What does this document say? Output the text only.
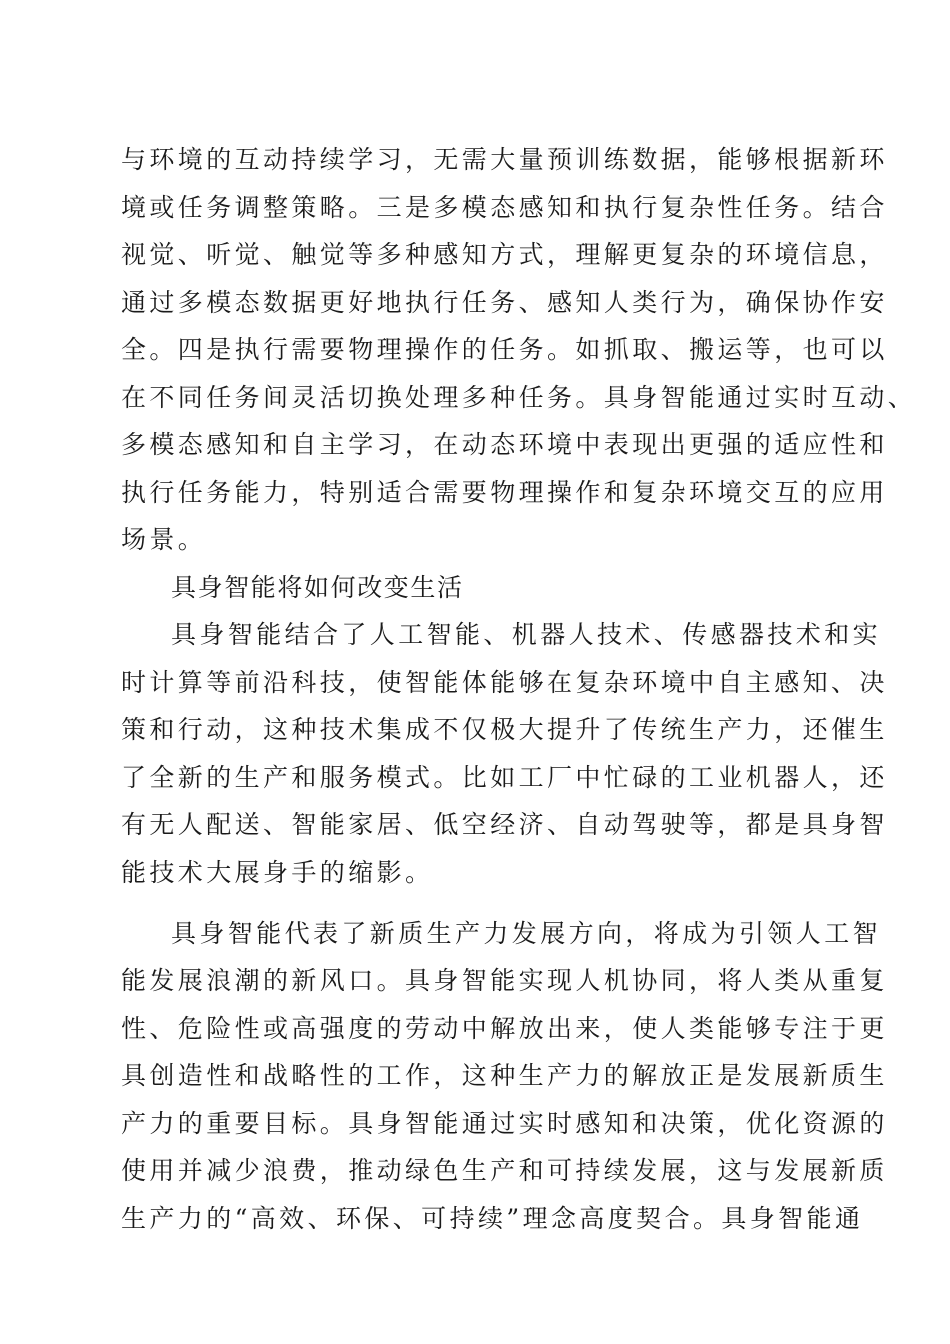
与环境的互动持续学习，无需大量预训练数据，能够根据新环
境或任务调整策略。三是多模态感知和执行复杂性任务。结合
视觉、听觉、触觉等多种感知方式，理解更复杂的环境信息，
通过多模态数据更好地执行任务、感知人类行为，确保协作安
全。四是执行需要物理操作的任务。如抓取、搬运等，也可以
在不同任务间灵活切换处理多种任务。具身智能通过实时互动、
多模态感知和自主学习，在动态环境中表现出更强的适应性和
执行任务能力，特别适合需要物理操作和复杂环境交互的应用
场景。
具身智能将如何改变生活
具身智能结合了人工智能、机器人技术、传感器技术和实
时计算等前沿科技，使智能体能够在复杂环境中自主感知、决
策和行动，这种技术集成不仅极大提升了传统生产力，还催生
了全新的生产和服务模式。比如工厂中忙碌的工业机器人，还
有无人配送、智能家居、低空经济、自动驾驶等，都是具身智
能技术大展身手的缩影。
具身智能代表了新质生产力发展方向，将成为引领人工智
能发展浪潮的新风口。具身智能实现人机协同，将人类从重复
性、危险性或高强度的劳动中解放出来，使人类能够专注于更
具创造性和战略性的工作，这种生产力的解放正是发展新质生
产力的重要目标。具身智能通过实时感知和决策，优化资源的
使用并减少浪费，推动绿色生产和可持续发展，这与发展新质
生产力的“高效、环保、可持续”理念高度契合。具身智能通
